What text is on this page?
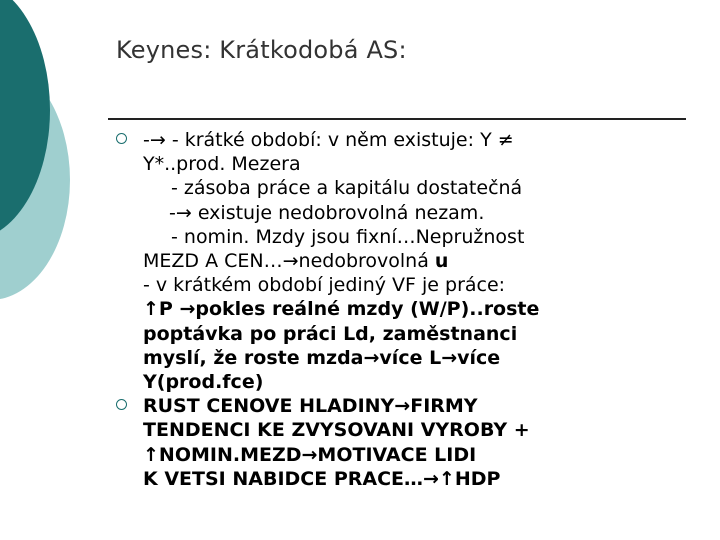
Keynes: Krátkodobá AS:
-→ - krátké období: v něm existuje: Y ≠
Y*..prod. Mezera
- zásoba práce a kapitálu dostatečná
-→ existuje nedobrovolná nezam.
- nomin. Mzdy jsou fixní…Nepružnost
MEZD A CEN…→nedobrovolná u
- v krátkém období jediný VF je práce:
↑P →pokles reálné mzdy (W/P)..roste
poptávka po práci Ld, zaměstnanci
myslí, že roste mzda→více L→více
Y(prod.fce)
RUST CENOVE HLADINY→FIRMY
TENDENCI KE ZVYSOVANI VYROBY +
↑NOMIN.MEZD→MOTIVACE LIDI
K VETSI NABIDCE PRACE…→↑HDP
